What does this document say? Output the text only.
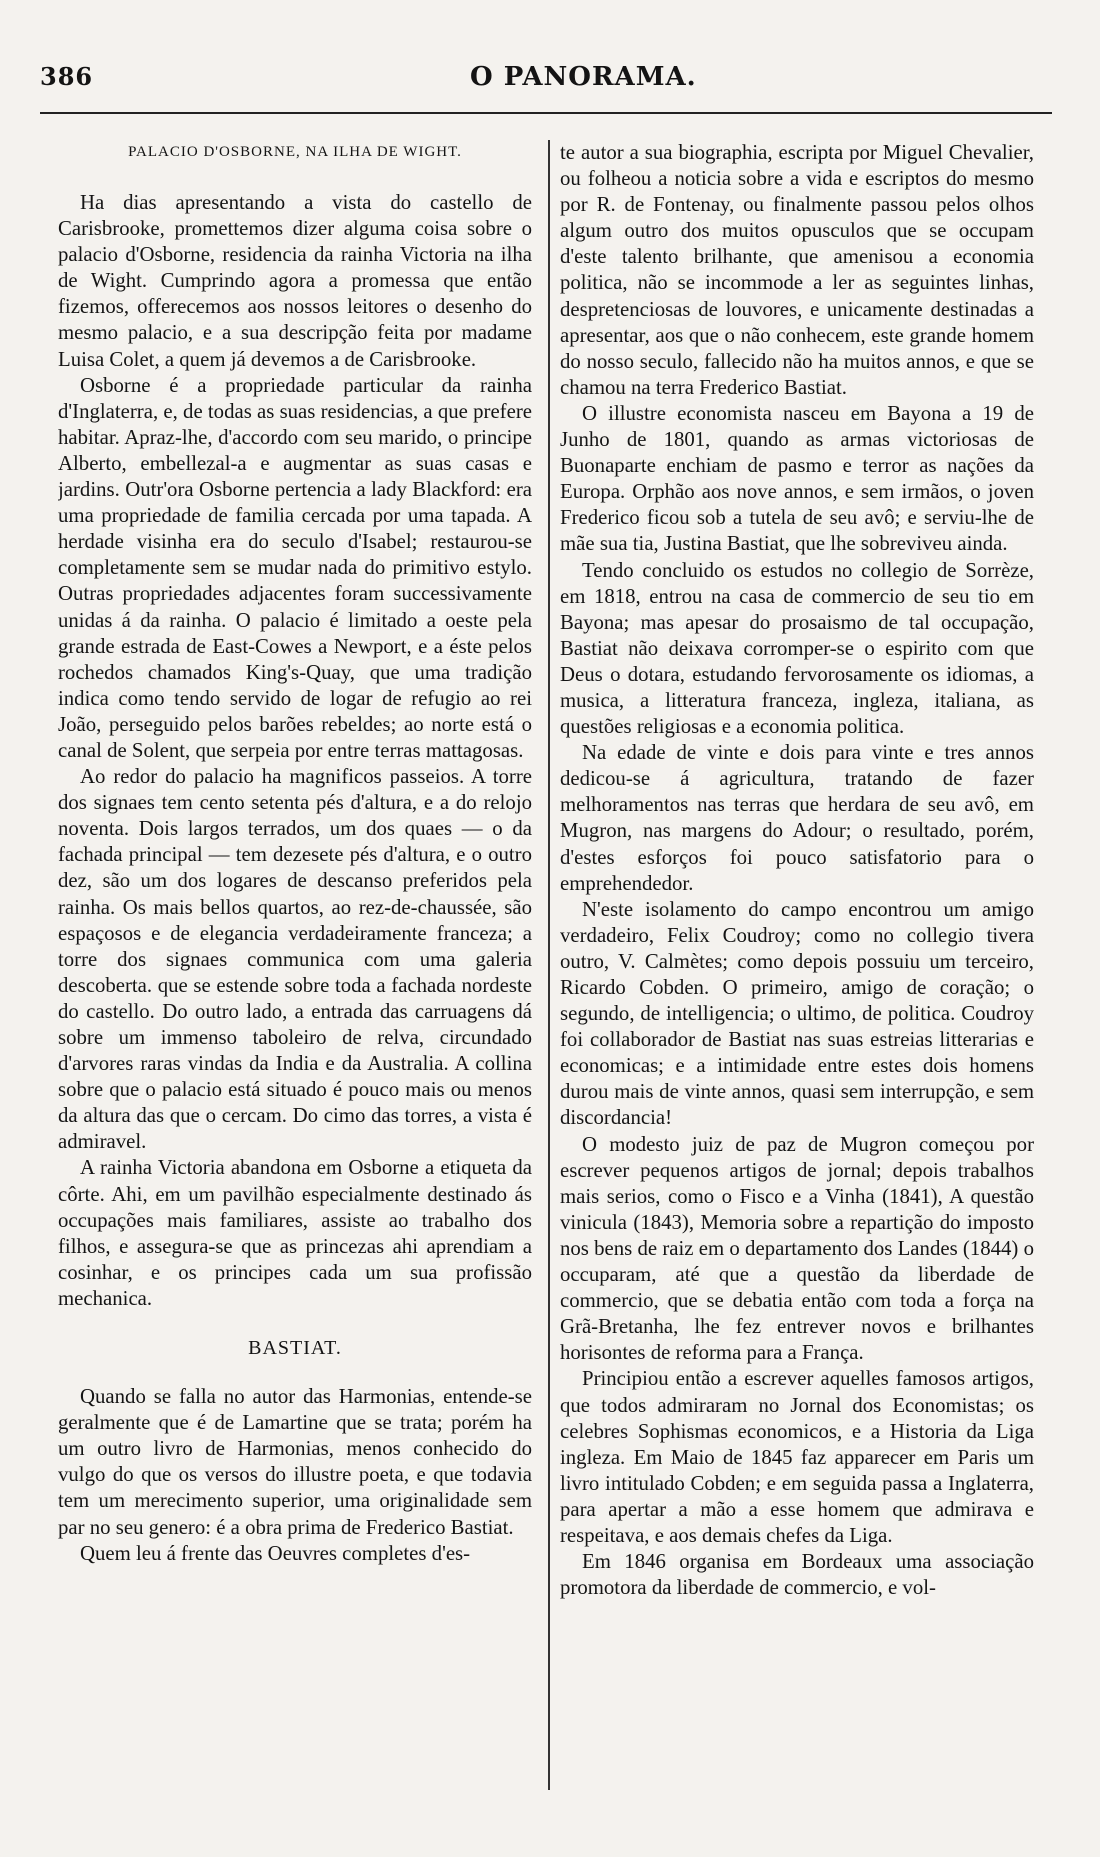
386	O PANORAMA.
PALACIO D'OSBORNE, NA ILHA DE WIGHT.

Ha dias apresentando a vista do castello de Carisbrooke, promettemos dizer alguma coisa sobre o palacio d'Osborne, residencia da rainha Victoria na ilha de Wight. Cumprindo agora a promessa que então fizemos, offerecemos aos nossos leitores o desenho do mesmo palacio, e a sua descripção feita por madame Luisa Colet, a quem já devemos a de Carisbrooke.

Osborne é a propriedade particular da rainha d'Inglaterra, e, de todas as suas residencias, a que prefere habitar. Apraz-lhe, d'accordo com seu marido, o principe Alberto, embellezal-a e augmentar as suas casas e jardins. Outr'ora Osborne pertencia a lady Blackford: era uma propriedade de familia cercada por uma tapada. A herdade visinha era do seculo d'Isabel; restaurou-se completamente sem se mudar nada do primitivo estylo. Outras propriedades adjacentes foram successivamente unidas á da rainha. O palacio é limitado a oeste pela grande estrada de East-Cowes a Newport, e a éste pelos rochedos chamados King's-Quay, que uma tradição indica como tendo servido de logar de refugio ao rei João, perseguido pelos barões rebeldes; ao norte está o canal de Solent, que serpeia por entre terras mattagosas.

Ao redor do palacio ha magnificos passeios. A torre dos signaes tem cento setenta pés d'altura, e a do relojo noventa. Dois largos terrados, um dos quaes — o da fachada principal — tem dezesete pés d'altura, e o outro dez, são um dos logares de descanso preferidos pela rainha. Os mais bellos quartos, ao rez-de-chaussée, são espaçosos e de elegancia verdadeiramente franceza; a torre dos signaes communica com uma galeria descoberta. que se estende sobre toda a fachada nordeste do castello. Do outro lado, a entrada das carruagens dá sobre um immenso taboleiro de relva, circundado d'arvores raras vindas da India e da Australia. A collina sobre que o palacio está situado é pouco mais ou menos da altura das que o cercam. Do cimo das torres, a vista é admiravel.

A rainha Victoria abandona em Osborne a etiqueta da côrte. Ahi, em um pavilhão especialmente destinado ás occupações mais familiares, assiste ao trabalho dos filhos, e assegura-se que as princezas ahi aprendiam a cosinhar, e os principes cada um sua profissão mechanica.

BASTIAT.

Quando se falla no autor das Harmonias, entende-se geralmente que é de Lamartine que se trata; porém ha um outro livro de Harmonias, menos conhecido do vulgo do que os versos do illustre poeta, e que todavia tem um merecimento superior, uma originalidade sem par no seu genero: é a obra prima de Frederico Bastiat.

Quem leu á frente das Oeuvres completes d'es-

te autor a sua biographia, escripta por Miguel Chevalier, ou folheou a noticia sobre a vida e escriptos do mesmo por R. de Fontenay, ou finalmente passou pelos olhos algum outro dos muitos opusculos que se occupam d'este talento brilhante, que amenisou a economia politica, não se incommode a ler as seguintes linhas, despretenciosas de louvores, e unicamente destinadas a apresentar, aos que o não conhecem, este grande homem do nosso seculo, fallecido não ha muitos annos, e que se chamou na terra Frederico Bastiat.

O illustre economista nasceu em Bayona a 19 de Junho de 1801, quando as armas victoriosas de Buonaparte enchiam de pasmo e terror as nações da Europa. Orphão aos nove annos, e sem irmãos, o joven Frederico ficou sob a tutela de seu avô; e serviu-lhe de mãe sua tia, Justina Bastiat, que lhe sobreviveu ainda.

Tendo concluido os estudos no collegio de Sorrèze, em 1818, entrou na casa de commercio de seu tio em Bayona; mas apesar do prosaismo de tal occupação, Bastiat não deixava corromper-se o espirito com que Deus o dotara, estudando fervorosamente os idiomas, a musica, a litteratura franceza, ingleza, italiana, as questões religiosas e a economia politica.

Na edade de vinte e dois para vinte e tres annos dedicou-se á agricultura, tratando de fazer melhoramentos nas terras que herdara de seu avô, em Mugron, nas margens do Adour; o resultado, porém, d'estes esforços foi pouco satisfatorio para o emprehendedor.

N'este isolamento do campo encontrou um amigo verdadeiro, Felix Coudroy; como no collegio tivera outro, V. Calmètes; como depois possuiu um terceiro, Ricardo Cobden. O primeiro, amigo de coração; o segundo, de intelligencia; o ultimo, de politica. Coudroy foi collaborador de Bastiat nas suas estreias litterarias e economicas; e a intimidade entre estes dois homens durou mais de vinte annos, quasi sem interrupção, e sem discordancia!

O modesto juiz de paz de Mugron começou por escrever pequenos artigos de jornal; depois trabalhos mais serios, como o Fisco e a Vinha (1841), A questão vinicula (1843), Memoria sobre a repartição do imposto nos bens de raiz em o departamento dos Landes (1844) o occuparam, até que a questão da liberdade de commercio, que se debatia então com toda a força na Grã-Bretanha, lhe fez entrever novos e brilhantes horisontes de reforma para a França.

Principiou então a escrever aquelles famosos artigos, que todos admiraram no Jornal dos Economistas; os celebres Sophismas economicos, e a Historia da Liga ingleza. Em Maio de 1845 faz apparecer em Paris um livro intitulado Cobden; e em seguida passa a Inglaterra, para apertar a mão a esse homem que admirava e respeitava, e aos demais chefes da Liga.

Em 1846 organisa em Bordeaux uma associação promotora da liberdade de commercio, e vol-
